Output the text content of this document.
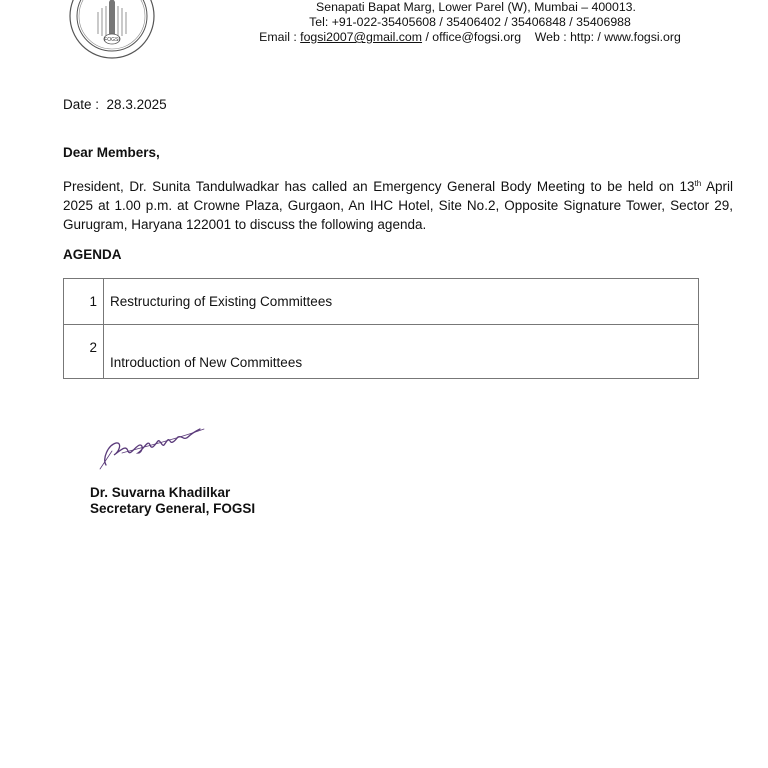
FOGSI
Senapati Bapat Marg, Lower Parel (W), Mumbai – 400013.
Tel: +91-022-35405608 / 35406402 / 35406848 / 35406988
Email : fogsi2007@gmail.com / office@fogsi.org Web : http: / www.fogsi.org
Date : 28.3.2025
Dear Members,

President, Dr. Sunita Tandulwadkar has called an Emergency General Body Meeting to be held on 13th April 2025 at 1.00 p.m. at Crowne Plaza, Gurgaon, An IHC Hotel, Site No.2, Opposite Signature Tower, Sector 29, Gurugram, Haryana 122001 to discuss the following agenda.

AGENDA
1	Restructuring of Existing Committees
2	Introduction of New Committees
Dr. Suvarna Khadilkar
Secretary General, FOGSI
